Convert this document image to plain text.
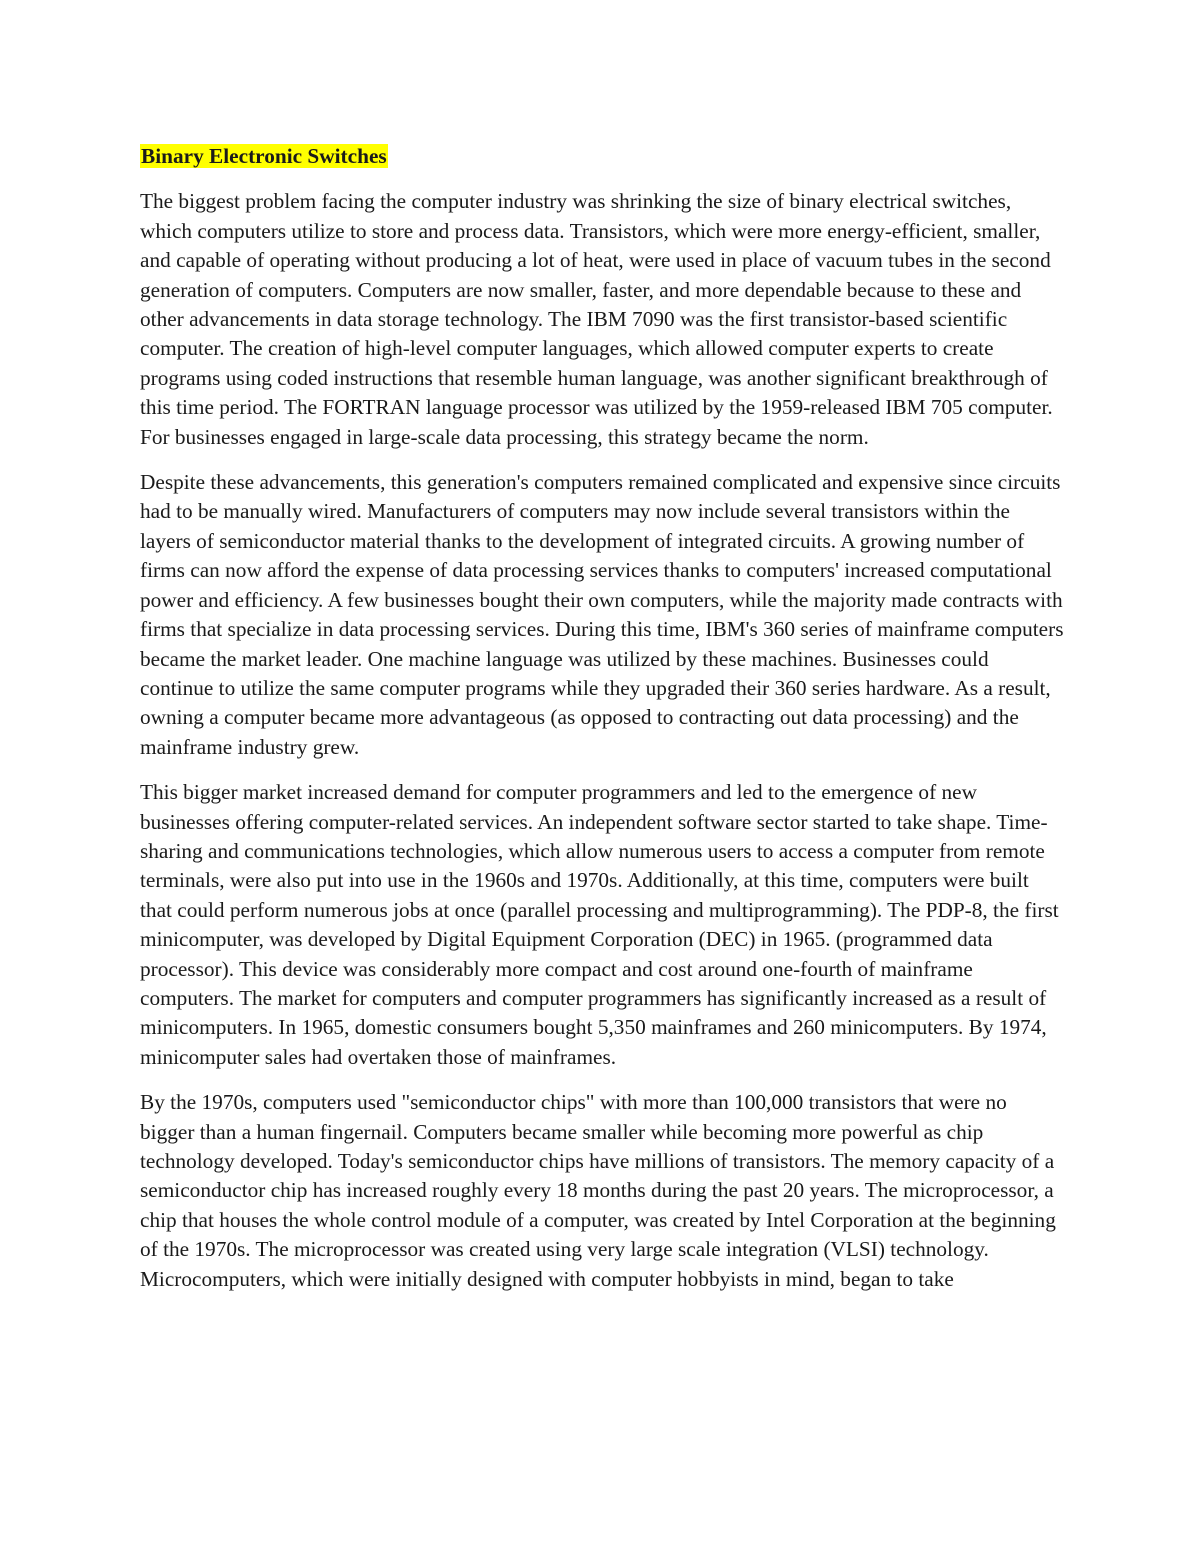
Binary Electronic Switches

The biggest problem facing the computer industry was shrinking the size of binary electrical switches, which computers utilize to store and process data. Transistors, which were more energy-efficient, smaller, and capable of operating without producing a lot of heat, were used in place of vacuum tubes in the second generation of computers. Computers are now smaller, faster, and more dependable because to these and other advancements in data storage technology. The IBM 7090 was the first transistor-based scientific computer. The creation of high-level computer languages, which allowed computer experts to create programs using coded instructions that resemble human language, was another significant breakthrough of this time period. The FORTRAN language processor was utilized by the 1959-released IBM 705 computer. For businesses engaged in large-scale data processing, this strategy became the norm.

Despite these advancements, this generation's computers remained complicated and expensive since circuits had to be manually wired. Manufacturers of computers may now include several transistors within the layers of semiconductor material thanks to the development of integrated circuits. A growing number of firms can now afford the expense of data processing services thanks to computers' increased computational power and efficiency. A few businesses bought their own computers, while the majority made contracts with firms that specialize in data processing services. During this time, IBM's 360 series of mainframe computers became the market leader. One machine language was utilized by these machines. Businesses could continue to utilize the same computer programs while they upgraded their 360 series hardware. As a result, owning a computer became more advantageous (as opposed to contracting out data processing) and the mainframe industry grew.

This bigger market increased demand for computer programmers and led to the emergence of new businesses offering computer-related services. An independent software sector started to take shape. Time-sharing and communications technologies, which allow numerous users to access a computer from remote terminals, were also put into use in the 1960s and 1970s. Additionally, at this time, computers were built that could perform numerous jobs at once (parallel processing and multiprogramming). The PDP-8, the first minicomputer, was developed by Digital Equipment Corporation (DEC) in 1965. (programmed data processor). This device was considerably more compact and cost around one-fourth of mainframe computers. The market for computers and computer programmers has significantly increased as a result of minicomputers. In 1965, domestic consumers bought 5,350 mainframes and 260 minicomputers. By 1974, minicomputer sales had overtaken those of mainframes.

By the 1970s, computers used "semiconductor chips" with more than 100,000 transistors that were no bigger than a human fingernail. Computers became smaller while becoming more powerful as chip technology developed. Today's semiconductor chips have millions of transistors. The memory capacity of a semiconductor chip has increased roughly every 18 months during the past 20 years. The microprocessor, a chip that houses the whole control module of a computer, was created by Intel Corporation at the beginning of the 1970s. The microprocessor was created using very large scale integration (VLSI) technology. Microcomputers, which were initially designed with computer hobbyists in mind, began to take
